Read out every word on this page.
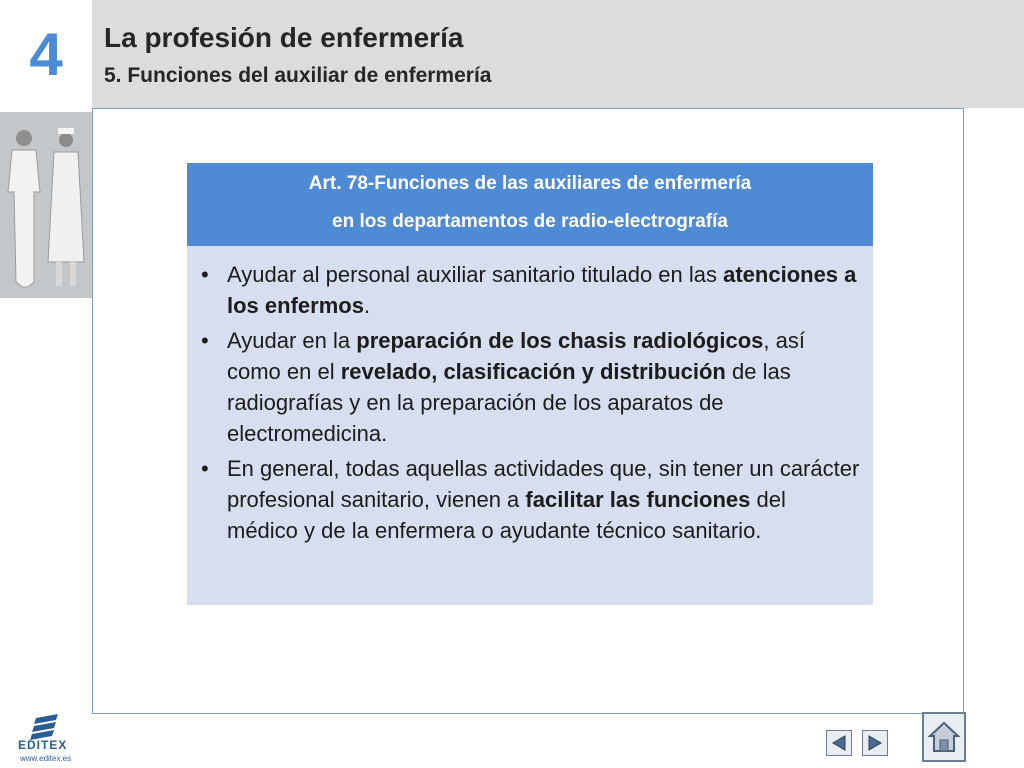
4	La profesión de enfermería
5. Funciones del auxiliar de enfermería
Art. 78-Funciones de las auxiliares de enfermería
en los departamentos de radio-electrografía
• Ayudar al personal auxiliar sanitario titulado en las atenciones a los enfermos.
• Ayudar en la preparación de los chasis radiológicos, así como en el revelado, clasificación y distribución de las radiografías y en la preparación de los aparatos de electromedicina.
• En general, todas aquellas actividades que, sin tener un carácter profesional sanitario, vienen a facilitar las funciones del médico y de la enfermera o ayudante técnico sanitario.
EDITEX
www.editex.es
